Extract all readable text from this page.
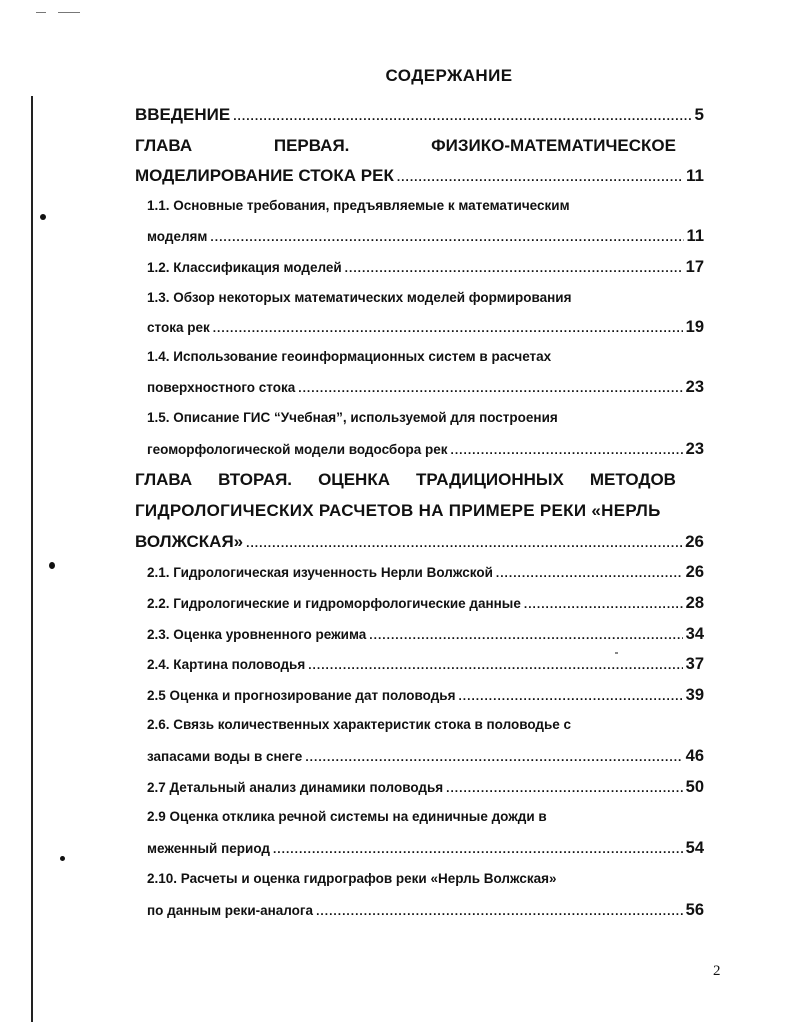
СОДЕРЖАНИЕ
ВВЕДЕНИЕ .....	5
ГЛАВА	ПЕРВАЯ.	ФИЗИКО-МАТЕМАТИЧЕСКОЕ
МОДЕЛИРОВАНИЕ СТОКА РЕК .....	11
1.1. Основные требования, предъявляемые к математическим
моделям .....	11
1.2. Классификация моделей .....	17
1.3. Обзор некоторых математических моделей формирования
стока рек .....	19
1.4. Использование геоинформационных систем в расчетах
поверхностного стока .....	23
1.5. Описание ГИС “Учебная”, используемой для построения
геоморфологической модели водосбора рек .....	23
ГЛАВА ВТОРАЯ. ОЦЕНКА ТРАДИЦИОННЫХ МЕТОДОВ
ГИДРОЛОГИЧЕСКИХ РАСЧЕТОВ НА ПРИМЕРЕ РЕКИ «НЕРЛЬ
ВОЛЖСКАЯ» .....	26
2.1. Гидрологическая изученность Нерли Волжской .....	26
2.2. Гидрологические и гидроморфологические данные .....	28
2.3. Оценка уровненного режима .....	34
2.4. Картина половодья .....	37
2.5 Оценка и прогнозирование дат половодья .....	39
2.6. Связь количественных характеристик стока в половодье с
запасами воды в снеге .....	46
2.7 Детальный анализ динамики половодья .....	50
2.9 Оценка отклика речной системы на единичные дожди в
меженный период .....	54
2.10. Расчеты и оценка гидрографов реки «Нерль Волжская»
по данным реки-аналога .....	56
2
